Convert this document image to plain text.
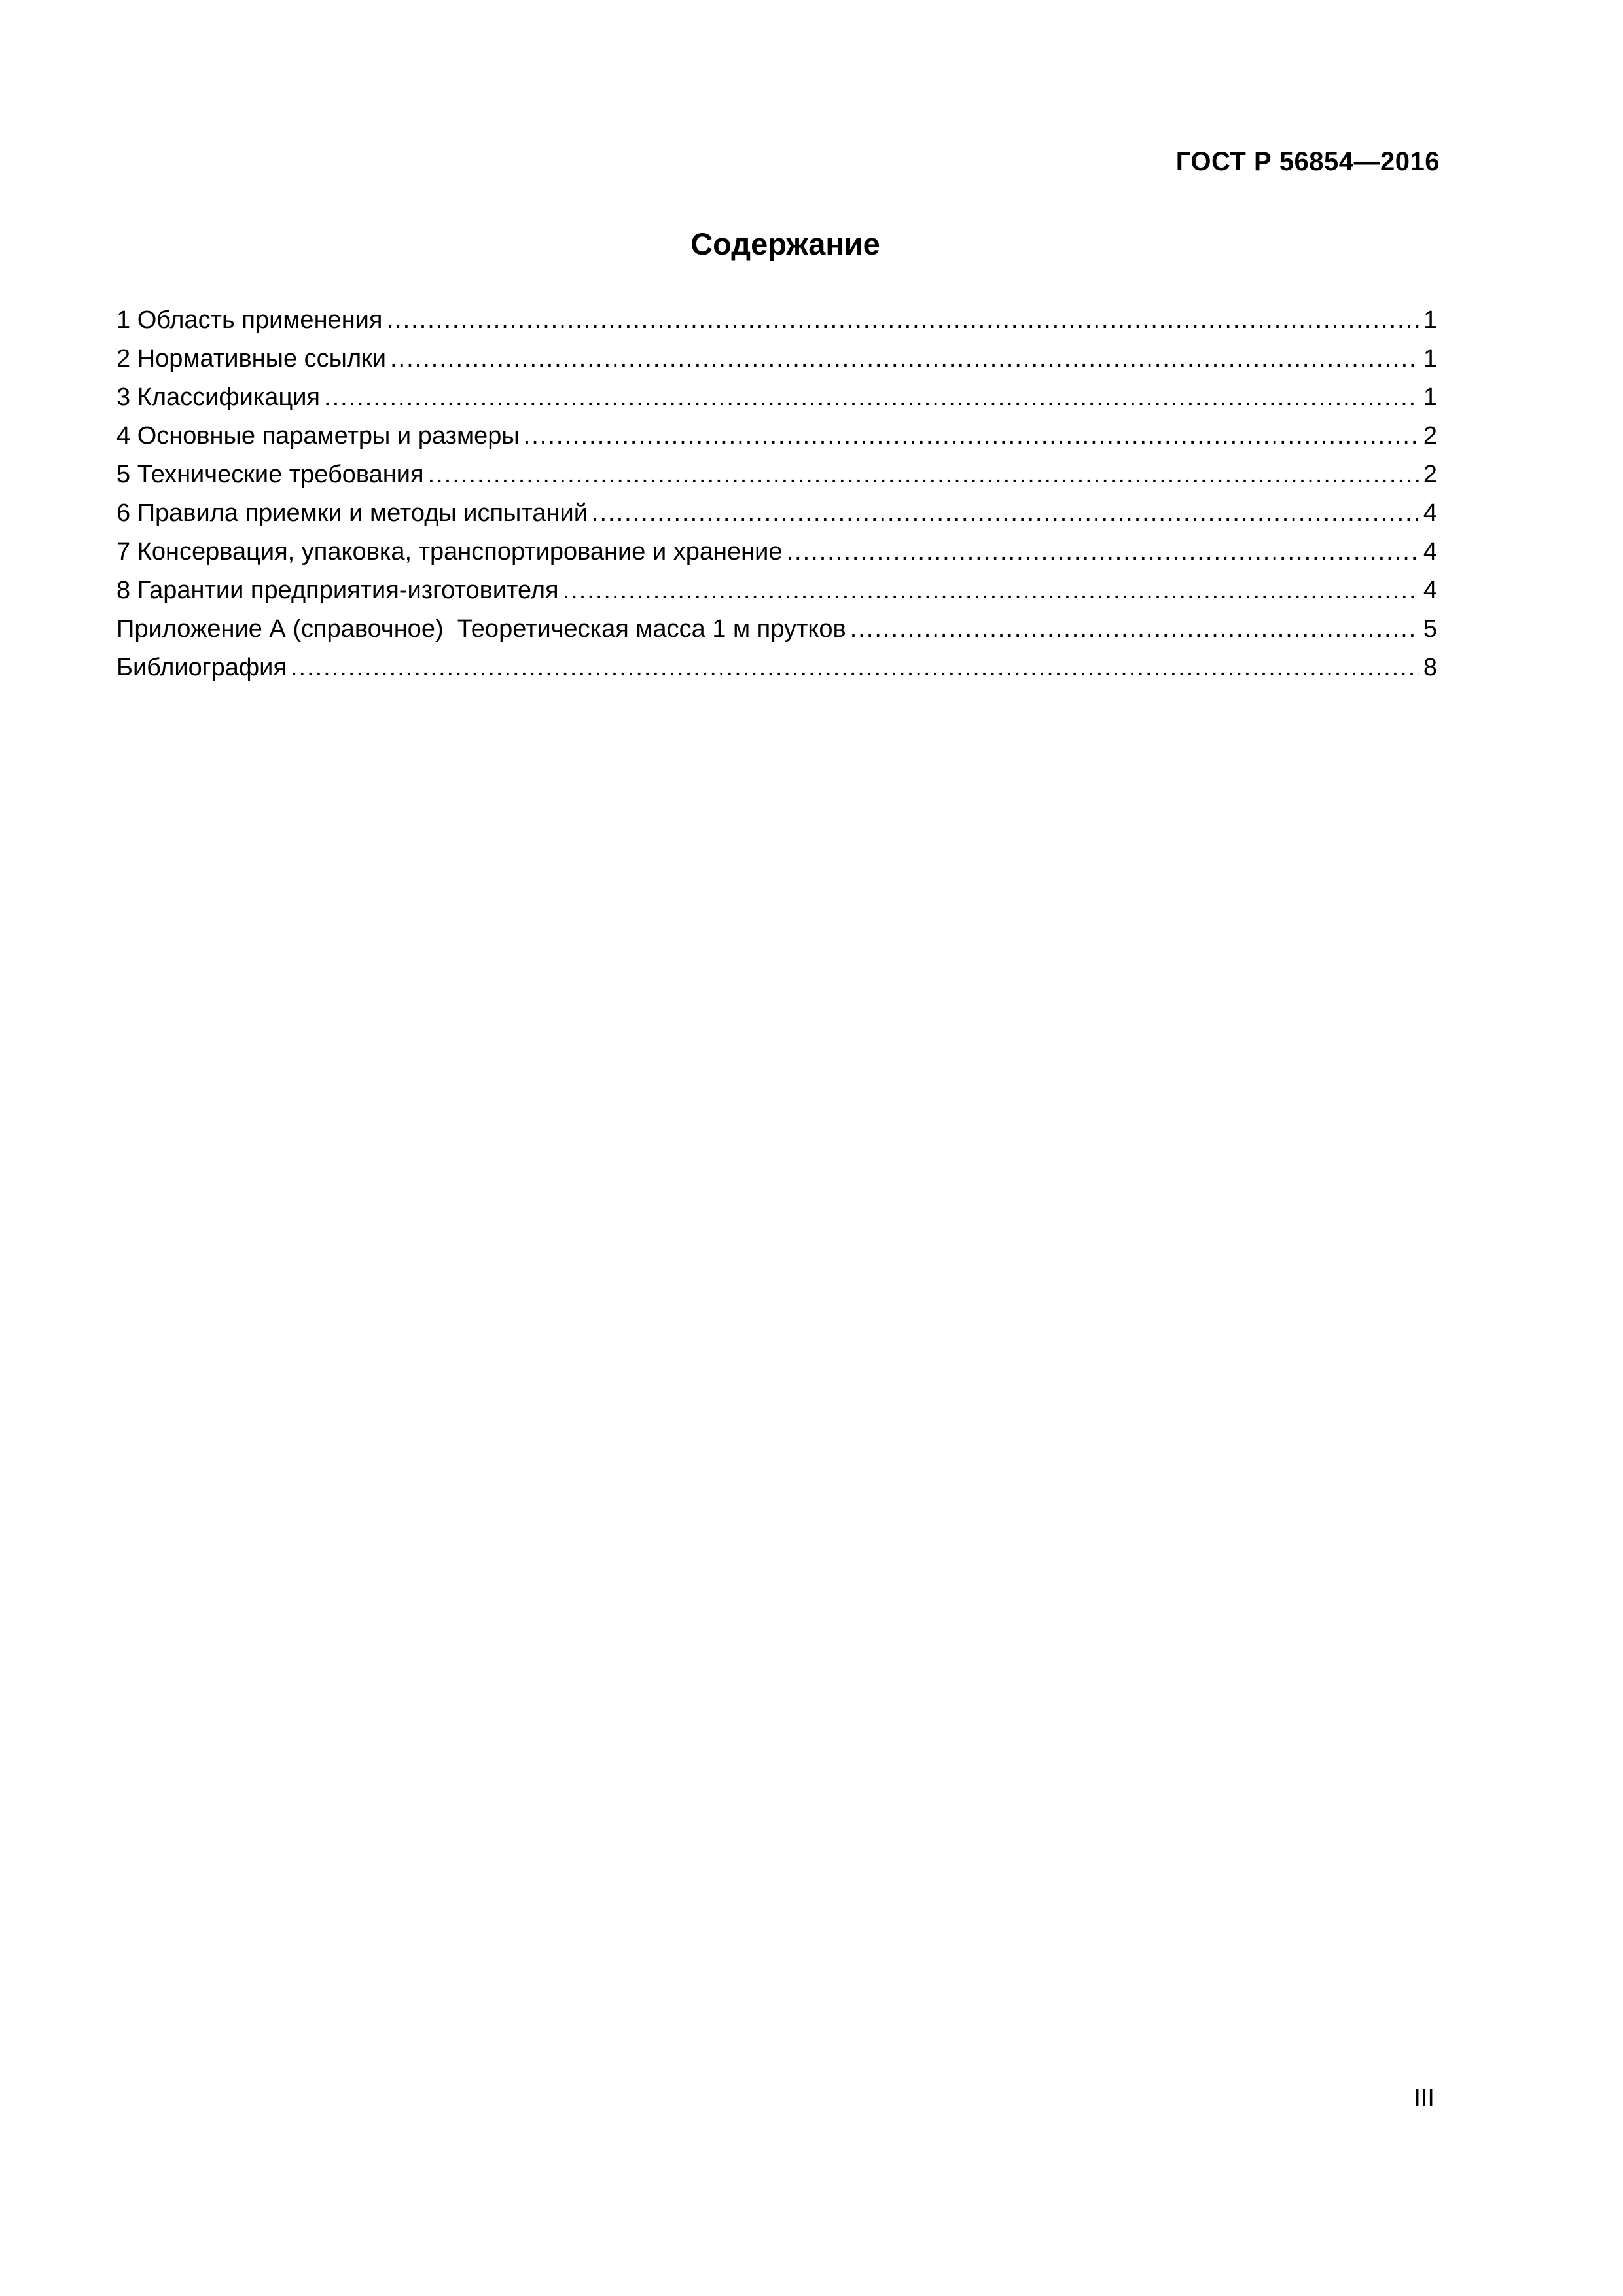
ГОСТ Р 56854—2016
Содержание
1 Область применения .....	1
2 Нормативные ссылки .....	1
3 Классификация .....	1
4 Основные параметры и размеры .....	2
5 Технические требования .....	2
6 Правила приемки и методы испытаний .....	4
7 Консервация, упаковка, транспортирование и хранение .....	4
8 Гарантии предприятия-изготовителя .....	4
Приложение А (справочное)  Теоретическая масса 1 м прутков .....	5
Библиография .....	8
III
